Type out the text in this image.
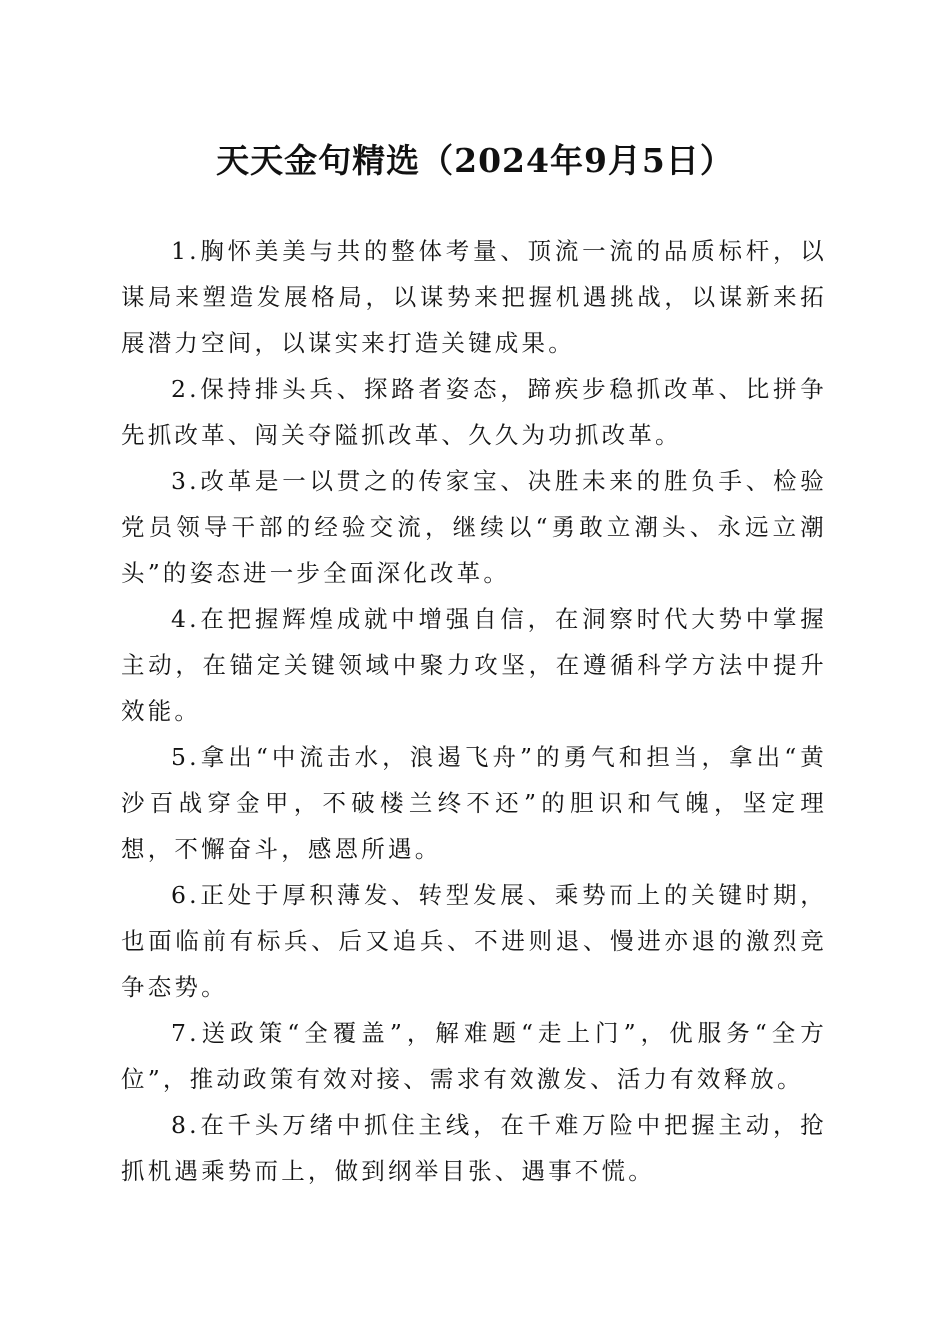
天天金句精选（2024年9月5日）

1.胸怀美美与共的整体考量、顶流一流的品质标杆，以谋局来塑造发展格局，以谋势来把握机遇挑战，以谋新来拓展潜力空间，以谋实来打造关键成果。

2.保持排头兵、探路者姿态，蹄疾步稳抓改革、比拼争先抓改革、闯关夺隘抓改革、久久为功抓改革。

3.改革是一以贯之的传家宝、决胜未来的胜负手、检验党员领导干部的经验交流，继续以“勇敢立潮头、永远立潮头”的姿态进一步全面深化改革。

4.在把握辉煌成就中增强自信，在洞察时代大势中掌握主动，在锚定关键领域中聚力攻坚，在遵循科学方法中提升效能。

5.拿出“中流击水，浪遏飞舟”的勇气和担当，拿出“黄沙百战穿金甲，不破楼兰终不还”的胆识和气魄，坚定理想，不懈奋斗，感恩所遇。

6.正处于厚积薄发、转型发展、乘势而上的关键时期，也面临前有标兵、后又追兵、不进则退、慢进亦退的激烈竞争态势。

7.送政策“全覆盖”，解难题“走上门”，优服务“全方位”，推动政策有效对接、需求有效激发、活力有效释放。

8.在千头万绪中抓住主线，在千难万险中把握主动，抢抓机遇乘势而上，做到纲举目张、遇事不慌。
